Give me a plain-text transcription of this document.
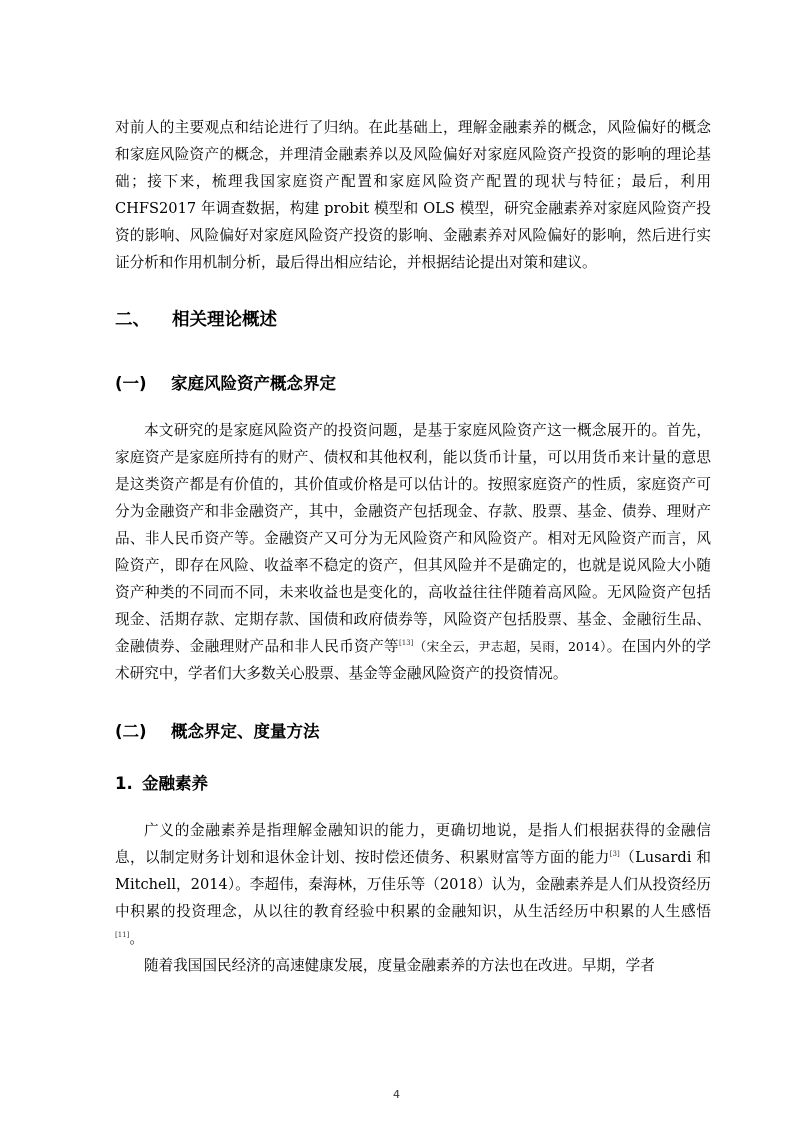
对前人的主要观点和结论进行了归纳。在此基础上，理解金融素养的概念，风险偏好的概念和家庭风险资产的概念，并理清金融素养以及风险偏好对家庭风险资产投资的影响的理论基础；接下来，梳理我国家庭资产配置和家庭风险资产配置的现状与特征；最后，利用 CHFS2017 年调查数据，构建 probit 模型和 OLS 模型，研究金融素养对家庭风险资产投资的影响、风险偏好对家庭风险资产投资的影响、金融素养对风险偏好的影响，然后进行实证分析和作用机制分析，最后得出相应结论，并根据结论提出对策和建议。

二、	相关理论概述
(一)	家庭风险资产概念界定

本文研究的是家庭风险资产的投资问题，是基于家庭风险资产这一概念展开的。首先，家庭资产是家庭所持有的财产、债权和其他权利，能以货币计量，可以用货币来计量的意思是这类资产都是有价值的，其价值或价格是可以估计的。按照家庭资产的性质，家庭资产可分为金融资产和非金融资产，其中，金融资产包括现金、存款、股票、基金、债券、理财产品、非人民币资产等。金融资产又可分为无风险资产和风险资产。相对无风险资产而言，风险资产，即存在风险、收益率不稳定的资产，但其风险并不是确定的，也就是说风险大小随资产种类的不同而不同，未来收益也是变化的，高收益往往伴随着高风险。无风险资产包括现金、活期存款、定期存款、国债和政府债券等，风险资产包括股票、基金、金融衍生品、金融债券、金融理财产品和非人民币资产等[13]（宋全云，尹志超，吴雨，2014）。在国内外的学术研究中，学者们大多数关心股票、基金等金融风险资产的投资情况。

(二)	概念界定、度量方法
1. 金融素养

广义的金融素养是指理解金融知识的能力，更确切地说，是指人们根据获得的金融信息，以制定财务计划和退休金计划、按时偿还债务、积累财富等方面的能力[3]（Lusardi 和 Mitchell，2014）。李超伟，秦海林，万佳乐等（2018）认为，金融素养是人们从投资经历中积累的投资理念，从以往的教育经验中积累的金融知识，从生活经历中积累的人生感悟[11]。

随着我国国民经济的高速健康发展，度量金融素养的方法也在改进。早期，学者

4
